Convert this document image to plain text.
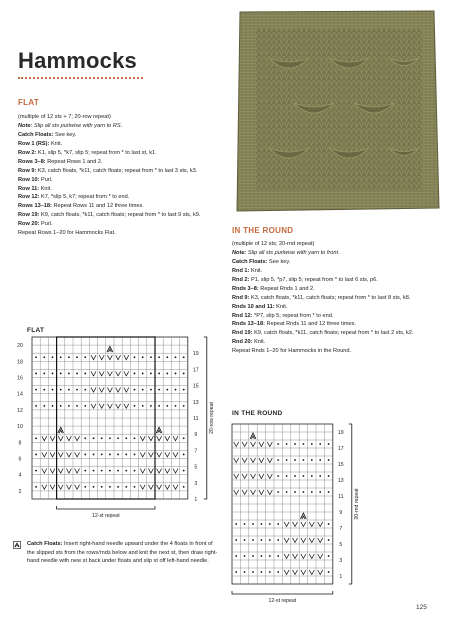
Hammocks
FLAT

(multiple of 12 sts + 7; 20-row repeat)

Note: Slip all sts purlwise with yarn to RS.

Catch Floats: See key.

Row 1 (RS): Knit.

Row 2: K1, slip 5, *k7, slip 5; repeat from * to last st, k1.

Rows 3–8: Repeat Rows 1 and 2.

Row 9: K3, catch floats, *k11, catch floats; repeat from * to last 3 sts, k3.

Row 10: Purl.

Row 11: Knit.

Row 12: K7, *slip 5, k7; repeat from * to end.

Rows 13–18: Repeat Rows 11 and 12 three times.

Row 19: K9, catch floats, *k11, catch floats; repeat from * to last 9 sts, k9.

Row 20: Purl.

Repeat Rows 1–20 for Hammocks Flat.	IN THE ROUND

(multiple of 12 sts; 20-rnd repeat)

Note: Slip all sts purlwise with yarn to front.

Catch Floats: See key.

Rnd 1: Knit.

Rnd 2: P1, slip 5, *p7, slip 5; repeat from * to last 6 sts, p6.

Rnds 3–8: Repeat Rnds 1 and 2.

Rnd 9: K3, catch floats, *k11, catch floats; repeat from * to last 8 sts, k8.

Rnds 10 and 11: Knit.

Rnd 12: *P7, slip 5; repeat from * to end.

Rnds 13–18: Repeat Rnds 11 and 12 three times.

Rnd 19: K9, catch floats, *k11, catch floats; repeat from * to last 2 sts, k2.

Rnd 20: Knit.

Repeat Rnds 1–20 for Hammocks in the Round.

FLAT
20
18
16
14
12
10
8
6
4
2
19
17
15
13
11
9
7
5
3
1
20-row repeat
12-st repeat
IN THE ROUND
19
17
15
13
11
9
7
5
3
1
20-rnd repeat
12-st repeat
Catch Floats: Insert right-hand needle upward under the 4 floats in front of the slipped sts from the rows/rnds below and knit the next st, then draw right-hand needle with new st back under floats and slip st off left-hand needle.
125
